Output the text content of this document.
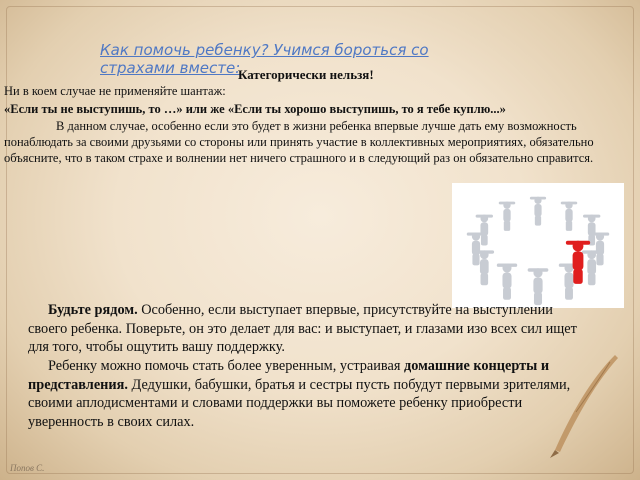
Как помочь ребенку? Учимся бороться со страхами вместе:
Категорически нельзя!
Ни в коем случае не применяйте шантаж:
«Если ты не выступишь, то …» или же «Если ты хорошо выступишь, то я тебе куплю...»
В данном случае, особенно если это будет в жизни ребенка впервые лучше дать ему возможность понаблюдать за своими друзьями со стороны или принять участие в коллективных мероприятиях, обязательно объясните, что в таком страхе и волнении нет ничего страшного и в следующий раз он обязательно справится.
Будьте рядом. Особенно, если выступает впервые, присутствуйте на выступлении своего ребенка. Поверьте, он это делает для вас: и выступает, и глазами изо всех сил ищет для того, чтобы ощутить вашу поддержку.
Ребенку можно помочь стать более уверенным, устраивая домашние концерты и представления. Дедушки, бабушки, братья и сестры пусть побудут первыми зрителями, своими аплодисментами и словами поддержки вы поможете ребенку приобрести уверенность в своих силах.
Попов С.
